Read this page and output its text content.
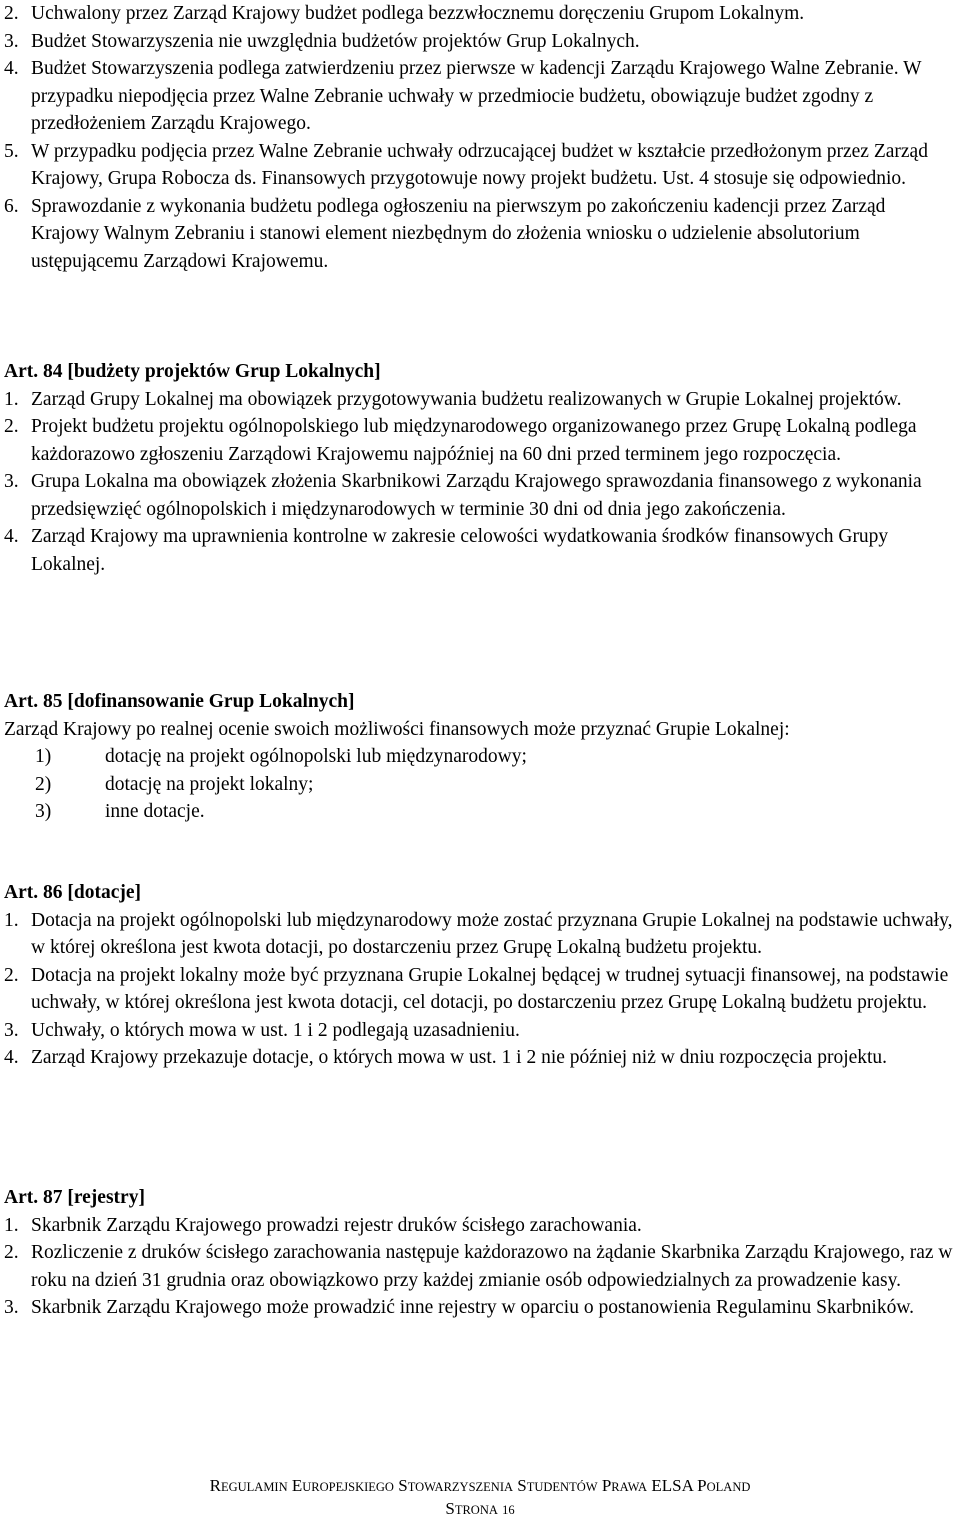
2. Uchwalony przez Zarząd Krajowy budżet podlega bezzwłocznemu doręczeniu Grupom Lokalnym.
3. Budżet Stowarzyszenia nie uwzględnia budżetów projektów Grup Lokalnych.
4. Budżet Stowarzyszenia podlega zatwierdzeniu przez pierwsze w kadencji Zarządu Krajowego Walne Zebranie. W przypadku niepodjęcia przez Walne Zebranie uchwały w przedmiocie budżetu, obowiązuje budżet zgodny z przedłożeniem Zarządu Krajowego.
5. W przypadku podjęcia przez Walne Zebranie uchwały odrzucającej budżet w kształcie przedłożonym przez Zarząd Krajowy, Grupa Robocza ds. Finansowych przygotowuje nowy projekt budżetu. Ust. 4 stosuje się odpowiednio.
6. Sprawozdanie z wykonania budżetu podlega ogłoszeniu na pierwszym po zakończeniu kadencji przez Zarząd Krajowy Walnym Zebraniu i stanowi element niezbędnym do złożenia wniosku o udzielenie absolutorium ustępującemu Zarządowi Krajowemu.
Art. 84 [budżety projektów Grup Lokalnych]
1. Zarząd Grupy Lokalnej ma obowiązek przygotowywania budżetu realizowanych w Grupie Lokalnej projektów.
2. Projekt budżetu projektu ogólnopolskiego lub międzynarodowego organizowanego przez Grupę Lokalną podlega każdorazowo zgłoszeniu Zarządowi Krajowemu najpóźniej na 60 dni przed terminem jego rozpoczęcia.
3. Grupa Lokalna ma obowiązek złożenia Skarbnikowi Zarządu Krajowego sprawozdania finansowego z wykonania przedsięwzięć ogólnopolskich i międzynarodowych w terminie 30 dni od dnia jego zakończenia.
4. Zarząd Krajowy ma uprawnienia kontrolne w zakresie celowości wydatkowania środków finansowych Grupy Lokalnej.
Art. 85 [dofinansowanie Grup Lokalnych]
Zarząd Krajowy po realnej ocenie swoich możliwości finansowych może przyznać Grupie Lokalnej:
1)	dotację na projekt ogólnopolski lub międzynarodowy;
2)	dotację na projekt lokalny;
3)	inne dotacje.
Art. 86 [dotacje]
1. Dotacja na projekt ogólnopolski lub międzynarodowy może zostać przyznana Grupie Lokalnej na podstawie uchwały, w której określona jest kwota dotacji, po dostarczeniu przez Grupę Lokalną budżetu projektu.
2. Dotacja na projekt lokalny może być przyznana Grupie Lokalnej będącej w trudnej sytuacji finansowej, na podstawie uchwały, w której określona jest kwota dotacji, cel dotacji, po dostarczeniu przez Grupę Lokalną budżetu projektu.
3. Uchwały, o których mowa w ust. 1 i 2 podlegają uzasadnieniu.
4. Zarząd Krajowy przekazuje dotacje, o których mowa w ust. 1 i 2 nie później niż w dniu rozpoczęcia projektu.
Art. 87 [rejestry]
1. Skarbnik Zarządu Krajowego prowadzi rejestr druków ścisłego zarachowania.
2. Rozliczenie z druków ścisłego zarachowania następuje każdorazowo na żądanie Skarbnika Zarządu Krajowego, raz w roku na dzień 31 grudnia oraz obowiązkowo przy każdej zmianie osób odpowiedzialnych za prowadzenie kasy.
3. Skarbnik Zarządu Krajowego może prowadzić inne rejestry w oparciu o postanowienia Regulaminu Skarbników.
REGULAMIN EUROPEJSKIEGO STOWARZYSZENIA STUDENTÓW PRAWA ELSA POLAND
STRONA 16
